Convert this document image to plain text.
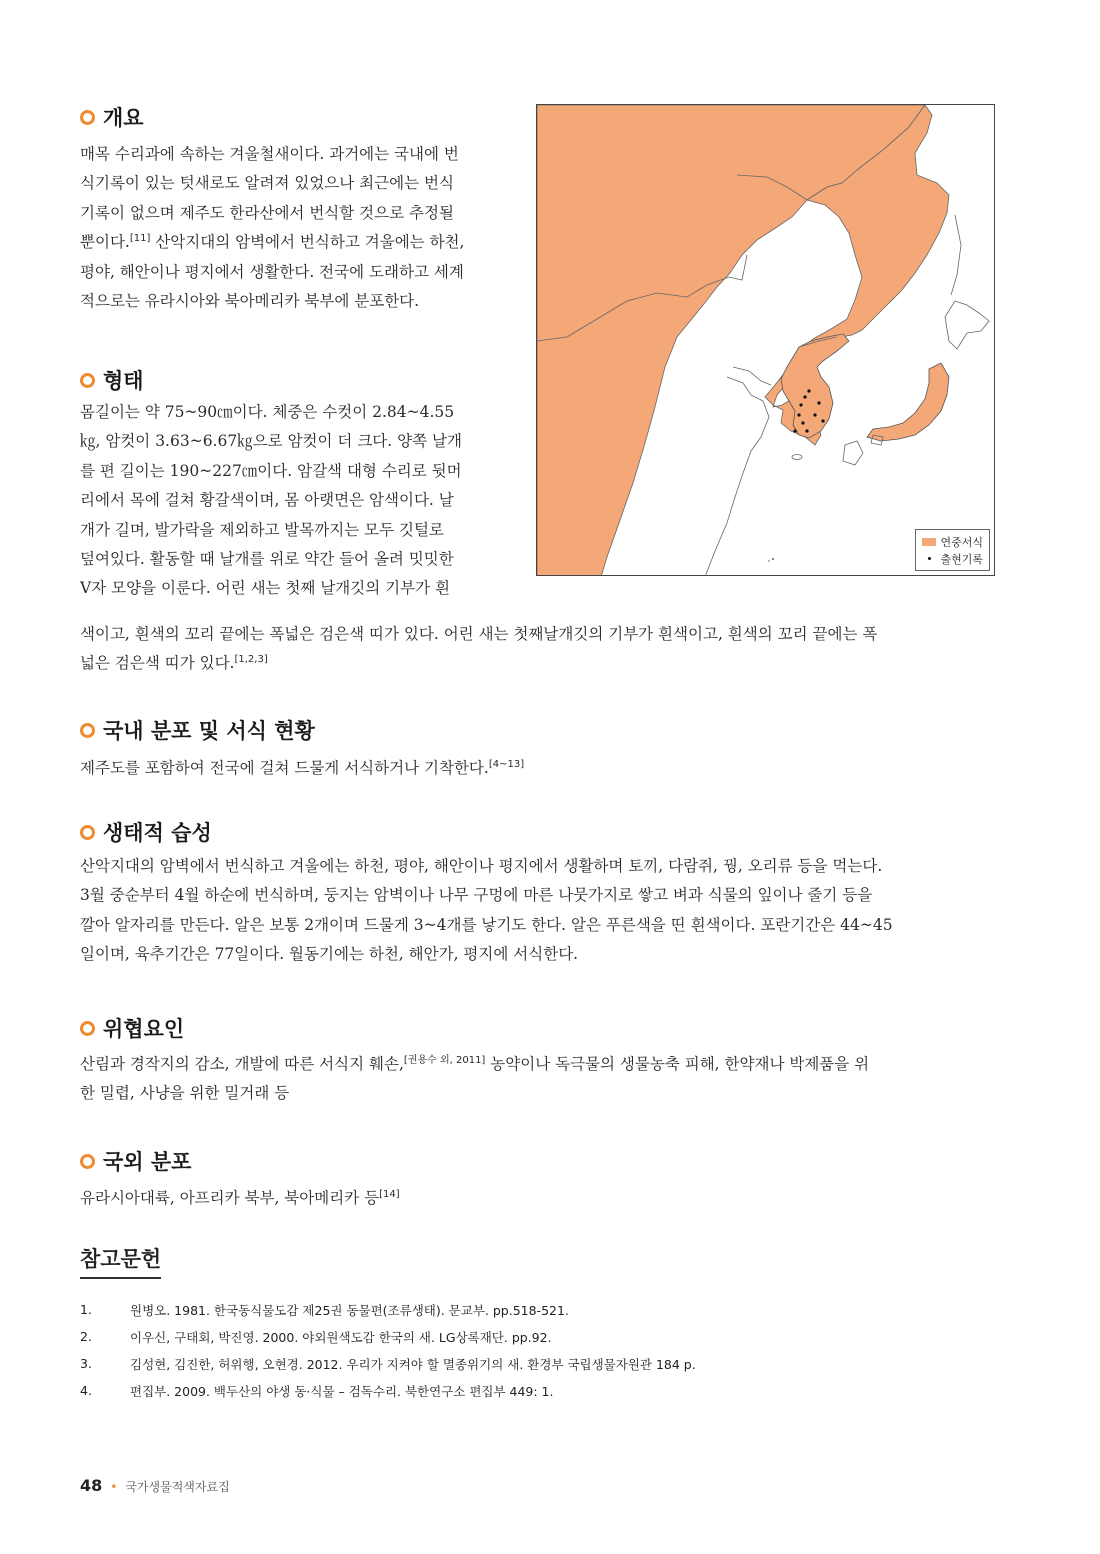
개요
매목 수리과에 속하는 겨울철새이다. 과거에는 국내에 번
식기록이 있는 텃새로도 알려져 있었으나 최근에는 번식
기록이 없으며 제주도 한라산에서 번식할 것으로 추정될
뿐이다.[11] 산악지대의 암벽에서 번식하고 겨울에는 하천,
평야, 해안이나 평지에서 생활한다. 전국에 도래하고 세계
적으로는 유라시아와 북아메리카 북부에 분포한다.
형태
몸길이는 약 75~90㎝이다. 체중은 수컷이 2.84~4.55
㎏, 암컷이 3.63~6.67㎏으로 암컷이 더 크다. 양쪽 날개
를 편 길이는 190~227㎝이다. 암갈색 대형 수리로 뒷머
리에서 목에 걸쳐 황갈색이며, 몸 아랫면은 암색이다. 날
개가 길며, 발가락을 제외하고 발목까지는 모두 깃털로
덮여있다. 활동할 때 날개를 위로 약간 들어 올려 밋밋한
V자 모양을 이룬다. 어린 새는 첫째 날개깃의 기부가 흰
색이고, 흰색의 꼬리 끝에는 폭넓은 검은색 띠가 있다. 어린 새는 첫째날개깃의 기부가 흰색이고, 흰색의 꼬리 끝에는 폭
넓은 검은색 띠가 있다.[1,2,3]
국내 분포 및 서식 현황
제주도를 포함하여 전국에 걸쳐 드물게 서식하거나 기착한다.[4~13]
생태적 습성
산악지대의 암벽에서 번식하고 겨울에는 하천, 평야, 해안이나 평지에서 생활하며 토끼, 다람쥐, 꿩, 오리류 등을 먹는다.
3월 중순부터 4월 하순에 번식하며, 둥지는 암벽이나 나무 구멍에 마른 나뭇가지로 쌓고 벼과 식물의 잎이나 줄기 등을
깔아 알자리를 만든다. 알은 보통 2개이며 드물게 3~4개를 낳기도 한다. 알은 푸른색을 띤 흰색이다. 포란기간은 44~45
일이며, 육추기간은 77일이다. 월동기에는 하천, 해안가, 평지에 서식한다.
위협요인
산림과 경작지의 감소, 개발에 따른 서식지 훼손,[권용수 외, 2011] 농약이나 독극물의 생물농축 피해, 한약재나 박제품을 위
한 밀렵, 사냥을 위한 밀거래 등
국외 분포
유라시아대륙, 아프리카 북부, 북아메리카 등[14]
연중서식
출현기록
참고문헌
1.	원병오. 1981. 한국동식물도감 제25권 동물편(조류생태). 문교부. pp.518-521.
2.	이우신, 구태회, 박진영. 2000. 야외원색도감 한국의 새. LG상록재단. pp.92.
3.	김성현, 김진한, 허위행, 오현경. 2012. 우리가 지켜야 할 멸종위기의 새. 환경부 국립생물자원관 184 p.
4.	편집부. 2009. 백두산의 야생 동·식물 – 검독수리. 북한연구소 편집부 449: 1.
48 • 국가생물적색자료집
